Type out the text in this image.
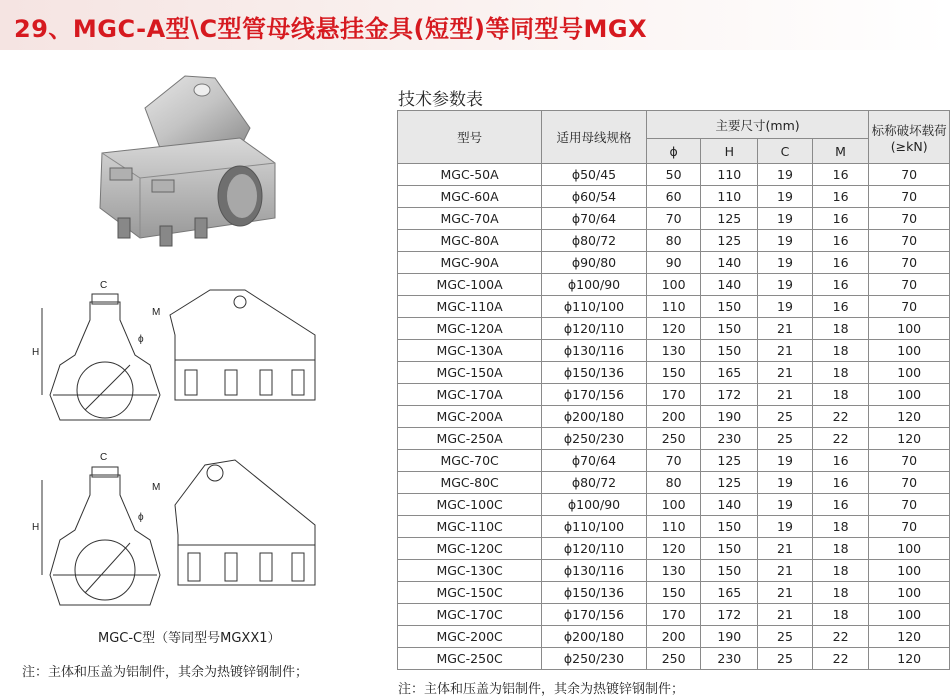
29、MGC-A型\C型管母线悬挂金具(短型)等同型号MGX
C
M
H
ϕ
C
M
H
ϕ
MGC-C型（等同型号MGXX1）
注：主体和压盖为铝制件，其余为热镀锌钢制件；
技术参数表
型号	适用母线规格	主要尺寸(mm)				标称破坏载荷(≥kN)
		ϕ	H	C	M	
MGC-50A	ϕ50/45	50	110	19	16	70
MGC-60A	ϕ60/54	60	110	19	16	70
MGC-70A	ϕ70/64	70	125	19	16	70
MGC-80A	ϕ80/72	80	125	19	16	70
MGC-90A	ϕ90/80	90	140	19	16	70
MGC-100A	ϕ100/90	100	140	19	16	70
MGC-110A	ϕ110/100	110	150	19	16	70
MGC-120A	ϕ120/110	120	150	21	18	100
MGC-130A	ϕ130/116	130	150	21	18	100
MGC-150A	ϕ150/136	150	165	21	18	100
MGC-170A	ϕ170/156	170	172	21	18	100
MGC-200A	ϕ200/180	200	190	25	22	120
MGC-250A	ϕ250/230	250	230	25	22	120
MGC-70C	ϕ70/64	70	125	19	16	70
MGC-80C	ϕ80/72	80	125	19	16	70
MGC-100C	ϕ100/90	100	140	19	16	70
MGC-110C	ϕ110/100	110	150	19	18	70
MGC-120C	ϕ120/110	120	150	21	18	100
MGC-130C	ϕ130/116	130	150	21	18	100
MGC-150C	ϕ150/136	150	165	21	18	100
MGC-170C	ϕ170/156	170	172	21	18	100
MGC-200C	ϕ200/180	200	190	25	22	120
MGC-250C	ϕ250/230	250	230	25	22	120
注：主体和压盖为铝制件，其余为热镀锌钢制件；
